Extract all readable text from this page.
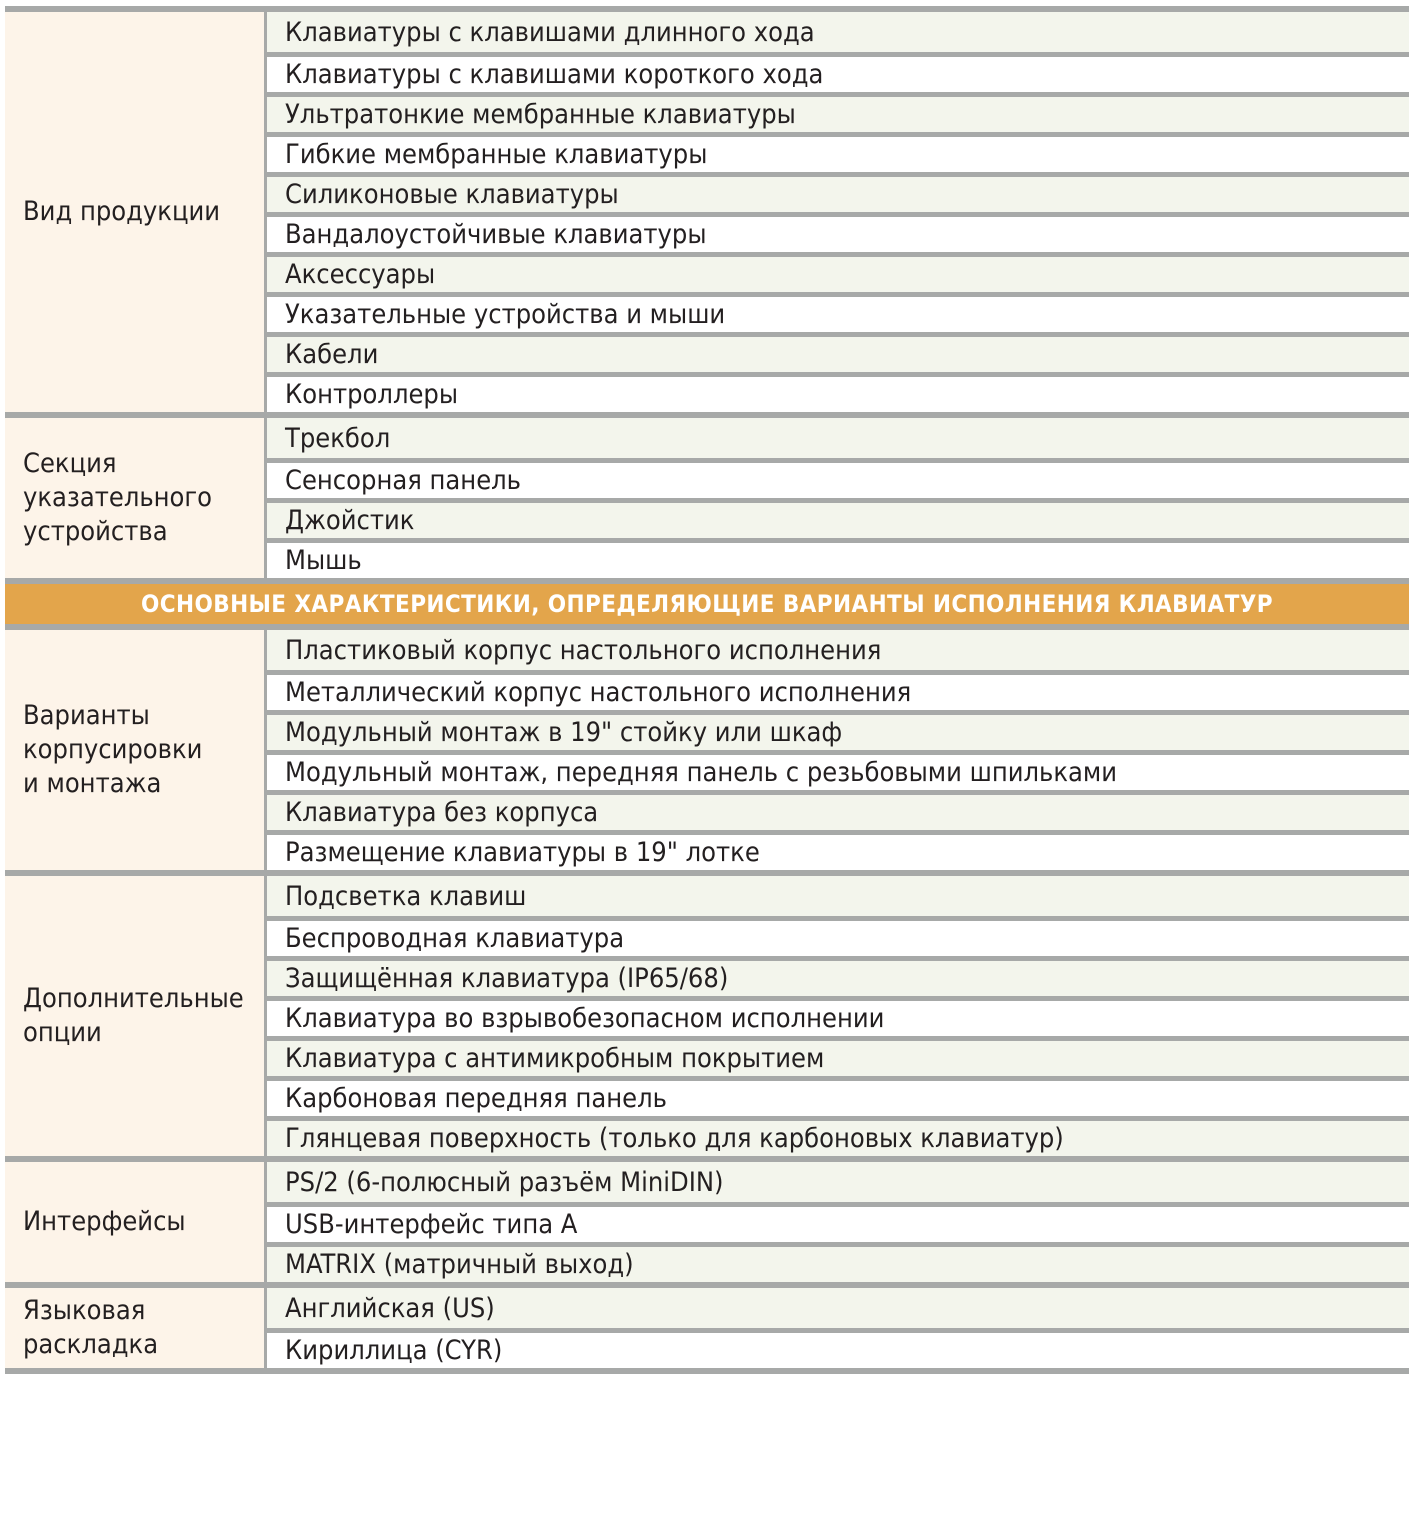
Вид продукции
Клавиатуры с клавишами длинного хода
Клавиатуры с клавишами короткого хода
Ультратонкие мембранные клавиатуры
Гибкие мембранные клавиатуры
Силиконовые клавиатуры
Вандалоустойчивые клавиатуры
Аксессуары
Указательные устройства и мыши
Кабели
Контроллеры
Секция
указательного
устройства
Трекбол
Сенсорная панель
Джойстик
Мышь
ОСНОВНЫЕ ХАРАКТЕРИСТИКИ, ОПРЕДЕЛЯЮЩИЕ ВАРИАНТЫ ИСПОЛНЕНИЯ КЛАВИАТУР
Варианты
корпусировки
и монтажа
Пластиковый корпус настольного исполнения
Металлический корпус настольного исполнения
Модульный монтаж в 19" стойку или шкаф
Модульный монтаж, передняя панель с резьбовыми шпильками
Клавиатура без корпуса
Размещение клавиатуры в 19" лотке
Дополнительные
опции
Подсветка клавиш
Беспроводная клавиатура
Защищённая клавиатура (IP65/68)
Клавиатура во взрывобезопасном исполнении
Клавиатура с антимикробным покрытием
Карбоновая передняя панель
Глянцевая поверхность (только для карбоновых клавиатур)
Интерфейсы
PS/2 (6-полюсный разъём MiniDIN)
USB-интерфейс типа A
MATRIX (матричный выход)
Языковая
раскладка
Английская (US)
Кириллица (CYR)
